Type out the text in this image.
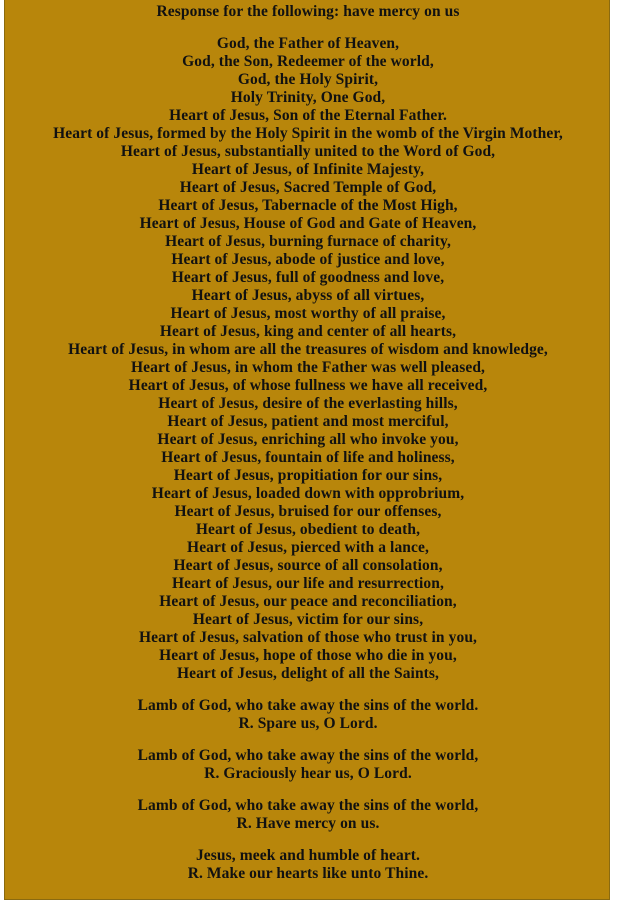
Response for the following: have mercy on us
God, the Father of Heaven,
God, the Son, Redeemer of the world,
God, the Holy Spirit,
Holy Trinity, One God,
Heart of Jesus, Son of the Eternal Father.
Heart of Jesus, formed by the Holy Spirit in the womb of the Virgin Mother,
Heart of Jesus, substantially united to the Word of God,
Heart of Jesus, of Infinite Majesty,
Heart of Jesus, Sacred Temple of God,
Heart of Jesus, Tabernacle of the Most High,
Heart of Jesus, House of God and Gate of Heaven,
Heart of Jesus, burning furnace of charity,
Heart of Jesus, abode of justice and love,
Heart of Jesus, full of goodness and love,
Heart of Jesus, abyss of all virtues,
Heart of Jesus, most worthy of all praise,
Heart of Jesus, king and center of all hearts,
Heart of Jesus, in whom are all the treasures of wisdom and knowledge,
Heart of Jesus, in whom the Father was well pleased,
Heart of Jesus, of whose fullness we have all received,
Heart of Jesus, desire of the everlasting hills,
Heart of Jesus, patient and most merciful,
Heart of Jesus, enriching all who invoke you,
Heart of Jesus, fountain of life and holiness,
Heart of Jesus, propitiation for our sins,
Heart of Jesus, loaded down with opprobrium,
Heart of Jesus, bruised for our offenses,
Heart of Jesus, obedient to death,
Heart of Jesus, pierced with a lance,
Heart of Jesus, source of all consolation,
Heart of Jesus, our life and resurrection,
Heart of Jesus, our peace and reconciliation,
Heart of Jesus, victim for our sins,
Heart of Jesus, salvation of those who trust in you,
Heart of Jesus, hope of those who die in you,
Heart of Jesus, delight of all the Saints,
Lamb of God, who take away the sins of the world.
R. Spare us, O Lord.
Lamb of God, who take away the sins of the world,
R. Graciously hear us, O Lord.
Lamb of God, who take away the sins of the world,
R. Have mercy on us.
Jesus, meek and humble of heart.
R. Make our hearts like unto Thine.
